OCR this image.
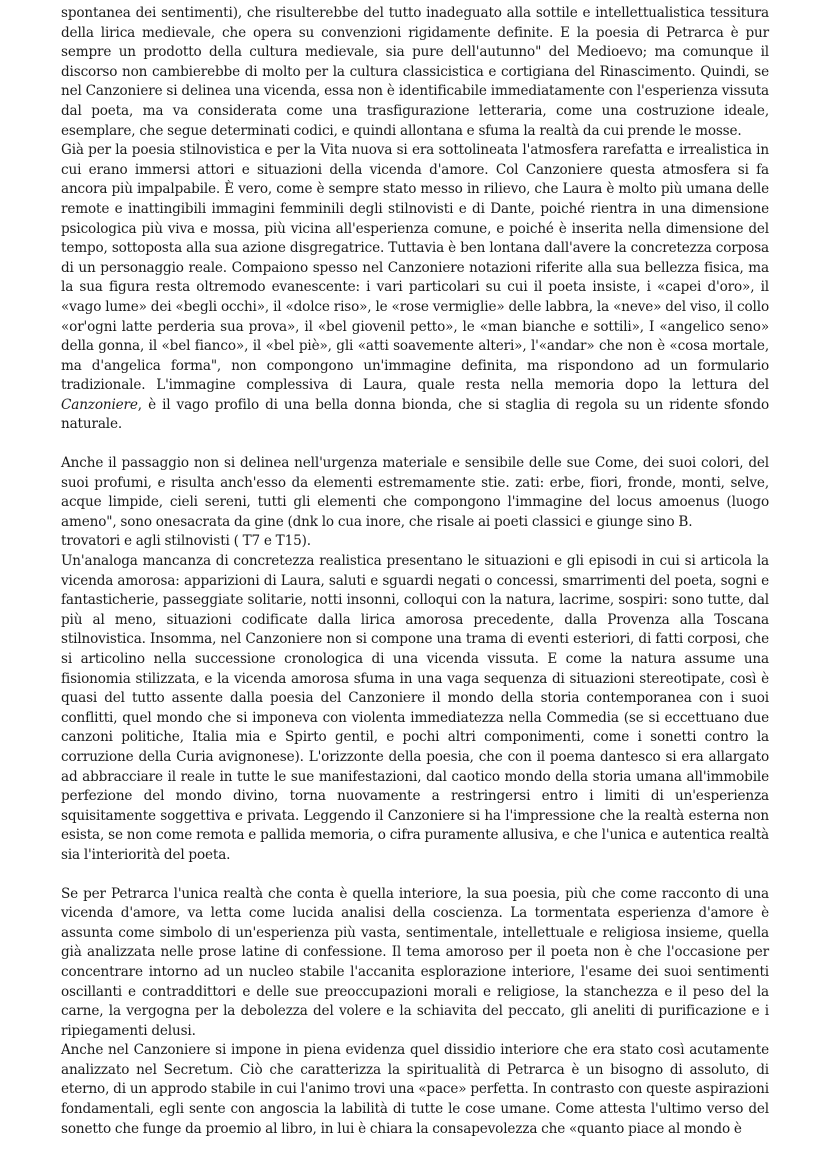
spontanea dei sentimenti), che risulterebbe del tutto inadeguato alla sottile e intellettualistica tessitura della lirica medievale, che opera su convenzioni rigidamente definite. E la poesia di Petrarca è pur sempre un prodotto della cultura medievale, sia pure dell'autunno" del Medioevo; ma comunque il discorso non cambierebbe di molto per la cultura classicistica e cortigiana del Rinascimento. Quindi, se nel Canzoniere si delinea una vicenda, essa non è identificabile immediatamente con l'esperienza vissuta dal poeta, ma va considerata come una trasfigurazione letteraria, come una costruzione ideale, esemplare, che segue determinati codici, e quindi allontana e sfuma la realtà da cui prende le mosse.

Già per la poesia stilnovistica e per la Vita nuova si era sottolineata l'atmosfera rarefatta e irrealistica in cui erano immersi attori e situazioni della vicenda d'amore. Col Canzoniere questa atmosfera si fa ancora più impalpabile. È vero, come è sempre stato messo in rilievo, che Laura è molto più umana delle remote e inattingibili immagini femminili degli stilnovisti e di Dante, poiché rientra in una dimensione psicologica più viva e mossa, più vicina all'esperienza comune, e poiché è inserita nella dimensione del tempo, sottoposta alla sua azione disgregatrice. Tuttavia è ben lontana dall'avere la concretezza corposa di un personaggio reale. Compaiono spesso nel Canzoniere notazioni riferite alla sua bellezza fisica, ma la sua figura resta oltremodo evanescente: i vari particolari su cui il poeta insiste, i «capei d'oro», il «vago lume» dei «begli occhi», il «dolce riso», le «rose vermiglie» delle labbra, la «neve» del viso, il collo «or'ogni latte perderia sua prova», il «bel giovenil petto», le «man bianche e sottili», I «angelico seno» della gonna, il «bel fianco», il «bel piè», gli «atti soavemente alteri», l'«andar» che non è «cosa mortale, ma d'angelica forma", non compongono un'immagine definita, ma rispondono ad un formulario tradizionale. L'immagine complessiva di Laura, quale resta nella memoria dopo la lettura del Canzoniere, è il vago profilo di una bella donna bionda, che si staglia di regola su un ridente sfondo naturale.

Anche il passaggio non si delinea nell'urgenza materiale e sensibile delle sue Come, dei suoi colori, del suoi profumi, e risulta anch'esso da elementi estremamente stie. zati: erbe, fiori, fronde, monti, selve, acque limpide, cieli sereni, tutti gli elementi che compongono l'immagine del locus amoenus (luogo ameno", sono onesacrata da gine (dnk lo cua inore, che risale ai poeti classici e giunge sino B.

trovatori e agli stilnovisti ( T7 e T15).

Un'analoga mancanza di concretezza realistica presentano le situazioni e gli episodi in cui si articola la vicenda amorosa: apparizioni di Laura, saluti e sguardi negati o concessi, smarrimenti del poeta, sogni e fantasticherie, passeggiate solitarie, notti insonni, colloqui con la natura, lacrime, sospiri: sono tutte, dal più al meno, situazioni codificate dalla lirica amorosa precedente, dalla Provenza alla Toscana stilnovistica. Insomma, nel Canzoniere non si compone una trama di eventi esteriori, di fatti corposi, che si articolino nella successione cronologica di una vicenda vissuta. E come la natura assume una fisionomia stilizzata, e la vicenda amorosa sfuma in una vaga sequenza di situazioni stereotipate, così è quasi del tutto assente dalla poesia del Canzoniere il mondo della storia contemporanea con i suoi conflitti, quel mondo che si imponeva con violenta immediatezza nella Commedia (se si eccettuano due canzoni politiche, Italia mia e Spirto gentil, e pochi altri componimenti, come i sonetti contro la corruzione della Curia avignonese). L'orizzonte della poesia, che con il poema dantesco si era allargato ad abbracciare il reale in tutte le sue manifestazioni, dal caotico mondo della storia umana all'immobile perfezione del mondo divino, torna nuovamente a restringersi entro i limiti di un'esperienza squisitamente soggettiva e privata. Leggendo il Canzoniere si ha l'impressione che la realtà esterna non esista, se non come remota e pallida memoria, o cifra puramente allusiva, e che l'unica e autentica realtà sia l'interiorità del poeta.

Se per Petrarca l'unica realtà che conta è quella interiore, la sua poesia, più che come racconto di una vicenda d'amore, va letta come lucida analisi della coscienza. La tormentata esperienza d'amore è assunta come simbolo di un'esperienza più vasta, sentimentale, intellettuale e religiosa insieme, quella già analizzata nelle prose latine di confessione. Il tema amoroso per il poeta non è che l'occasione per concentrare intorno ad un nucleo stabile l'accanita esplorazione interiore, l'esame dei suoi sentimenti oscillanti e contraddittori e delle sue preoccupazioni morali e religiose, la stanchezza e il peso del la carne, la vergogna per la debolezza del volere e la schiavita del peccato, gli aneliti di purificazione e i ripiegamenti delusi.

Anche nel Canzoniere si impone in piena evidenza quel dissidio interiore che era stato così acutamente analizzato nel Secretum. Ciò che caratterizza la spiritualità di Petrarca è un bisogno di assoluto, di eterno, di un approdo stabile in cui l'animo trovi una «pace» perfetta. In contrasto con queste aspirazioni fondamentali, egli sente con angoscia la labilità di tutte le cose umane. Come attesta l'ultimo verso del sonetto che funge da proemio al libro, in lui è chiara la consapevolezza che «quanto piace al mondo è
